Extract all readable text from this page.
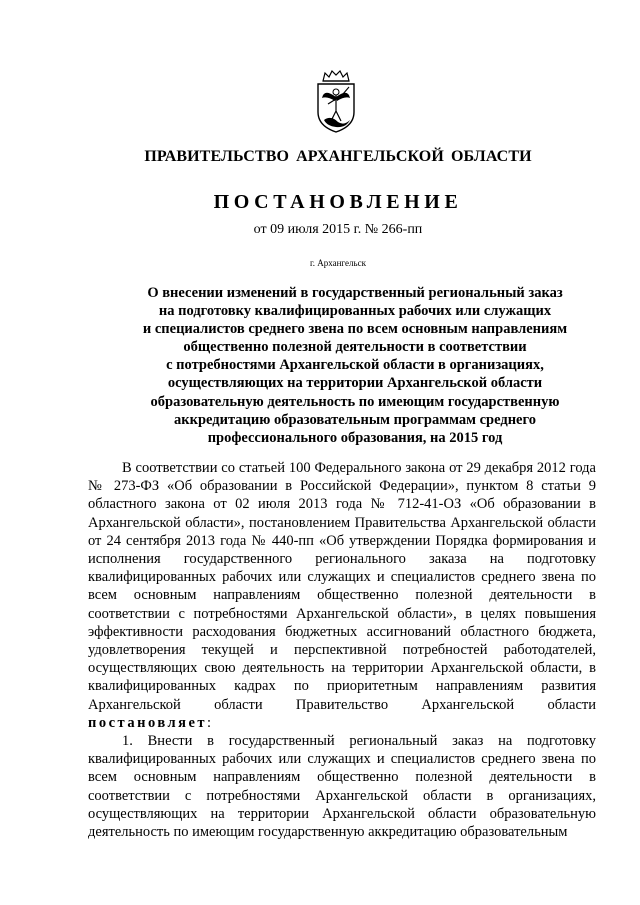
ПРАВИТЕЛЬСТВО АРХАНГЕЛЬСКОЙ ОБЛАСТИ
ПОСТАНОВЛЕНИЕ
от 09 июля 2015 г. № 266-пп
г. Архангельск
О внесении изменений в государственный региональный заказ
на подготовку квалифицированных рабочих или служащих
и специалистов среднего звена по всем основным направлениям
общественно полезной деятельности в соответствии
с потребностями Архангельской области в организациях,
осуществляющих на территории Архангельской области
образовательную деятельность по имеющим государственную
аккредитацию образовательным программам среднего
профессионального образования, на 2015 год

В соответствии со статьей 100 Федерального закона от 29 декабря 2012 года № 273-ФЗ «Об образовании в Российской Федерации», пунктом 8 статьи 9 областного закона от 02 июля 2013 года № 712-41-ОЗ «Об образовании в Архангельской области», постановлением Правительства Архангельской области от 24 сентября 2013 года № 440-пп «Об утверждении Порядка формирования и исполнения государственного регионального заказа на подготовку квалифицированных рабочих или служащих и специалистов среднего звена по всем основным направлениям общественно полезной деятельности в соответствии с потребностями Архангельской области», в целях повышения эффективности расходования бюджетных ассигнований областного бюджета, удовлетворения текущей и перспективной потребностей работодателей, осуществляющих свою деятельность на территории Архангельской области, в квалифицированных кадрах по приоритетным направлениям развития Архангельской области Правительство Архангельской области постановляет:

1. Внести в государственный региональный заказ на подготовку квалифицированных рабочих или служащих и специалистов среднего звена по всем основным направлениям общественно полезной деятельности в соответствии с потребностями Архангельской области в организациях, осуществляющих на территории Архангельской области образовательную деятельность по имеющим государственную аккредитацию образовательным
